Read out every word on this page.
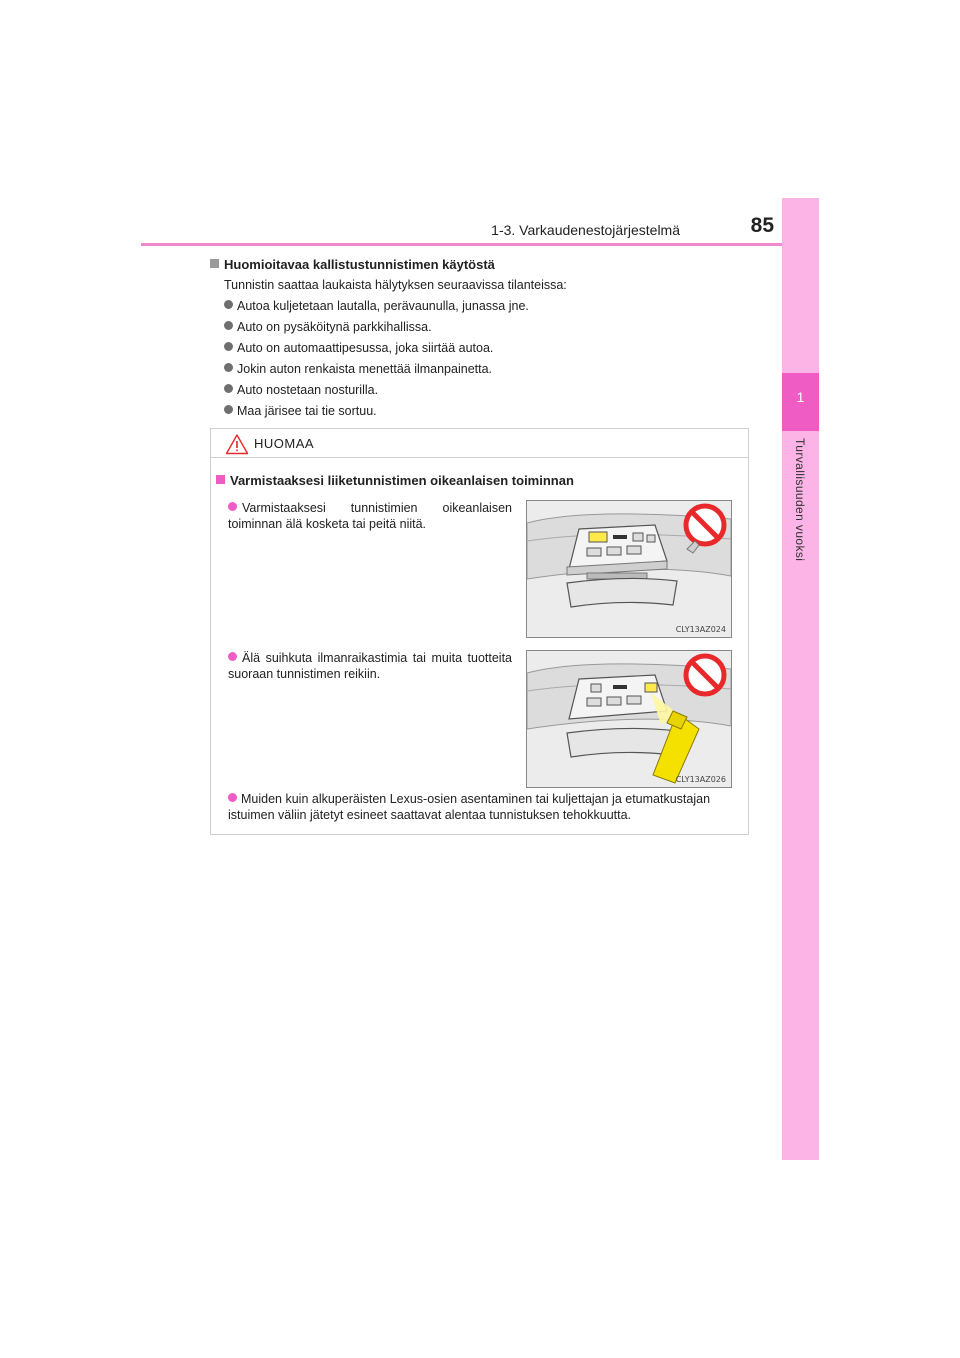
1-3. Varkaudenestojärjestelmä	85
1
Turvallisuuden vuoksi
Huomioitavaa kallistustunnistimen käytöstä
Tunnistin saattaa laukaista hälytyksen seuraavissa tilanteissa:
Autoa kuljetetaan lautalla, perävaunulla, junassa jne.
Auto on pysäköitynä parkkihallissa.
Auto on automaattipesussa, joka siirtää autoa.
Jokin auton renkaista menettää ilmanpainetta.
Auto nostetaan nosturilla.
Maa järisee tai tie sortuu.
HUOMAA
Varmistaaksesi liiketunnistimen oikeanlaisen toiminnan
Varmistaaksesi tunnistimien oikeanlaisen toiminnan älä kosketa tai peitä niitä.
CLY13AZ024
Älä suihkuta ilmanraikastimia tai muita tuotteita suoraan tunnistimen reikiin.
CLY13AZ026
Muiden kuin alkuperäisten Lexus-osien asentaminen tai kuljettajan ja etumatkustajan istuimen väliin jätetyt esineet saattavat alentaa tunnistuksen tehokkuutta.
